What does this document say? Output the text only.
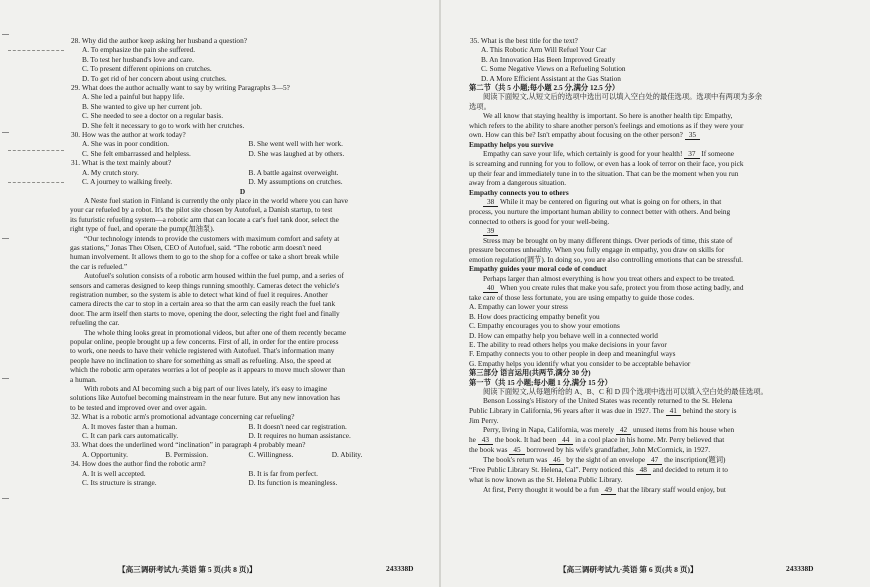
28. Why did the author keep asking her husband a question?
A. To emphasize the pain she suffered.
B. To test her husband's love and care.
C. To present different opinions on crutches.
D. To get rid of her concern about using crutches.
29. What does the author actually want to say by writing Paragraphs 3—5?
A. She led a painful but happy life.
B. She wanted to give up her current job.
C. She needed to see a doctor on a regular basis.
D. She felt it necessary to go to work with her crutches.
30. How was the author at work today?
A. She was in poor condition.	B. She went well with her work.
C. She felt embarrassed and helpless.	D. She was laughed at by others.
31. What is the text mainly about?
A. My crutch story.	B. A battle against overweight.
C. A journey to walking freely.	D. My assumptions on crutches.
D
A Neste fuel station in Finland is currently the only place in the world where you can have
your car refueled by a robot. It's the pilot site chosen by Autofuel, a Danish startup, to test
its futuristic refueling system—a robotic arm that can locate a car's fuel tank door, select the
right type of fuel, and operate the pump(加油泵).
“Our technology intends to provide the customers with maximum comfort and safety at
gas stations,” Jonas Theı Olsen, CEO of Autofuel, said. “The robotic arm doesn't need
human involvement. It allows them to go to the shop for a coffee or take a short break while
the car is refueled.”
Autofuel's solution consists of a robotic arm housed within the fuel pump, and a series of
sensors and cameras designed to keep things running smoothly. Cameras detect the vehicle's
registration number, so the system is able to detect what kind of fuel it requires. Another
camera directs the car to stop in a certain area so that the arm can easily reach the fuel tank
door. The arm itself then starts to move, opening the door, selecting the right fuel and finally
refueling the car.
The whole thing looks great in promotional videos, but after one of them recently became
popular online, people brought up a few concerns. First of all, in order for the entire process
to work, one needs to have their vehicle registered with Autofuel. That's information many
people have no inclination to share for something as small as refueling. Also, the speed at
which the robotic arm operates worries a lot of people as it appears to move much slower than
a human.
With robots and AI becoming such a big part of our lives lately, it's easy to imagine
solutions like Autofuel becoming mainstream in the near future. But any new innovation has
to be tested and improved over and over again.
32. What is a robotic arm's promotional advantage concerning car refueling?
A. It moves faster than a human.	B. It doesn't need car registration.
C. It can park cars automatically.	D. It requires no human assistance.
33. What does the underlined word “inclination” in paragraph 4 probably mean?
A. Opportunity.	B. Permission.	C. Willingness.	D. Ability.
34. How does the author find the robotic arm?
A. It is well accepted.	B. It is far from perfect.
C. Its structure is strange.	D. Its function is meaningless.
【高三调研考试九·英语 第 5 页(共 8 页)】	243338D
35. What is the best title for the text?
A. This Robotic Arm Will Refuel Your Car
B. An Innovation Has Been Improved Greatly
C. Some Negative Views on a Refueling Solution
D. A More Efficient Assistant at the Gas Station
第二节（共 5 小题;每小题 2.5 分,满分 12.5 分）
阅读下面短文,从短文后的选项中选出可以填入空白处的最佳选项。选项中有两项为多余
选项。
We all know that staying healthy is important. So here is another health tip: Empathy,
which refers to the ability to share another person's feelings and emotions as if they were your
own. How can this be? Isn't empathy about focusing on the other person? 35
Empathy helps you survive
Empathy can save your life, which certainly is good for your health! 37 If someone
is screaming and running for you to follow, or even has a look of terror on their face, you pick
up their fear and immediately tune in to the situation. That can be the moment when you run
away from a dangerous situation.
Empathy connects you to others
38 While it may be centered on figuring out what is going on for others, in that
process, you nurture the important human ability to connect better with others. And being
connected to others is good for your well-being.
39
Stress may be brought on by many different things. Over periods of time, this state of
pressure becomes unhealthy. When you fully engage in empathy, you draw on skills for
emotion regulation(调节). In doing so, you are also controlling emotions that can be stressful.
Empathy guides your moral code of conduct
Perhaps larger than almost everything is how you treat others and expect to be treated.
40 When you create rules that make you safe, protect you from those acting badly, and
take care of those less fortunate, you are using empathy to guide those codes.
A. Empathy can lower your stress
B. How does practicing empathy benefit you
C. Empathy encourages you to show your emotions
D. How can empathy help you behave well in a connected world
E. The ability to read others helps you make decisions in your favor
F. Empathy connects you to other people in deep and meaningful ways
G. Empathy helps you identify what you consider to be acceptable behavior
第三部分 语言运用(共两节,满分 30 分)
第一节（共 15 小题;每小题 1 分,满分 15 分）
阅读下面短文,从每题所给的 A、B、C 和 D 四个选项中选出可以填入空白处的最佳选项。
Benson Lossing's History of the United States was recently returned to the St. Helena
Public Library in California, 96 years after it was due in 1927. The 41 behind the story is
Jim Perry.
Perry, living in Napa, California, was merely 42 unused items from his house when
he 43 the book. It had been 44 in a cool place in his home. Mr. Perry believed that
the book was 45 borrowed by his wife's grandfather, John McCormick, in 1927.
The book's return was 46 by the sight of an envelope 47 the inscription(题词)
“Free Public Library St. Helena, Cal”. Perry noticed this 48 and decided to return it to
what is now known as the St. Helena Public Library.
At first, Perry thought it would be a fun 49 that the library staff would enjoy, but
【高三调研考试九·英语 第 6 页(共 8 页)】	243338D
